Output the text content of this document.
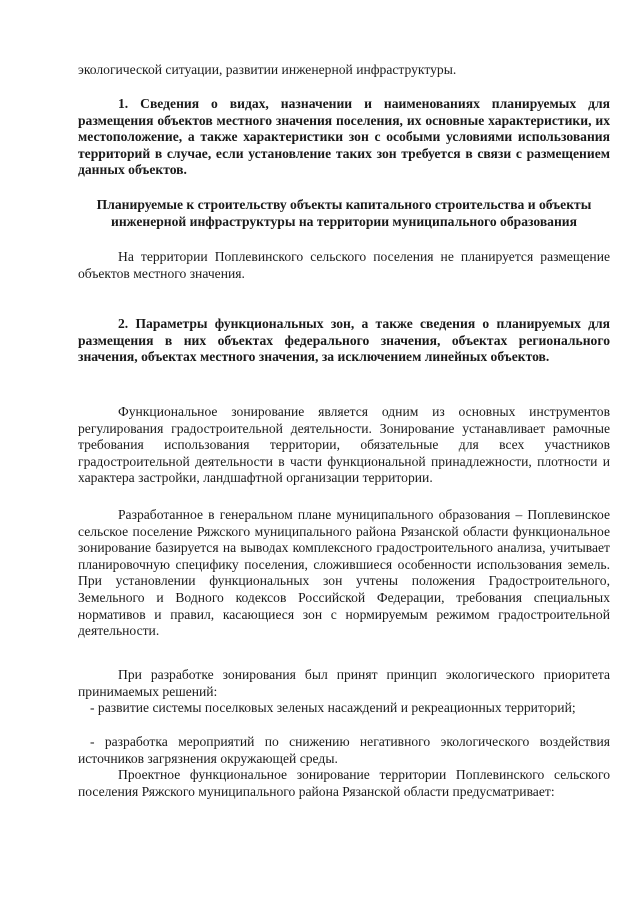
экологической ситуации, развитии инженерной инфраструктуры.

1. Сведения о видах, назначении и наименованиях планируемых для размещения объектов местного значения поселения, их основные характеристики, их местоположение, а также характеристики зон с особыми условиями использования территорий в случае, если установление таких зон требуется в связи с размещением данных объектов.

Планируемые к строительству объекты капитального строительства и объекты инженерной инфраструктуры на территории муниципального образования

На территории Поплевинского сельского поселения не планируется размещение объектов местного значения.

2. Параметры функциональных зон, а также сведения о планируемых для размещения в них объектах федерального значения, объектах регионального значения, объектах местного значения, за исключением линейных объектов.

Функциональное зонирование является одним из основных инструментов регулирования градостроительной деятельности. Зонирование устанавливает рамочные требования использования территории, обязательные для всех участников градостроительной деятельности в части функциональной принадлежности, плотности и характера застройки, ландшафтной организации территории.

Разработанное в генеральном плане муниципального образования – Поплевинское сельское поселение Ряжского муниципального района Рязанской области функциональное зонирование базируется на выводах комплексного градостроительного анализа, учитывает планировочную специфику поселения, сложившиеся особенности использования земель. При установлении функциональных зон учтены положения Градостроительного, Земельного и Водного кодексов Российской Федерации, требования специальных нормативов и правил, касающиеся зон с нормируемым режимом градостроительной деятельности.

При разработке зонирования был принят принцип экологического приоритета принимаемых решений:

- развитие системы поселковых зеленых насаждений и рекреационных территорий;

- разработка мероприятий по снижению негативного экологического воздействия источников загрязнения окружающей среды.

Проектное функциональное зонирование территории Поплевинского сельского поселения Ряжского муниципального района Рязанской области предусматривает:
